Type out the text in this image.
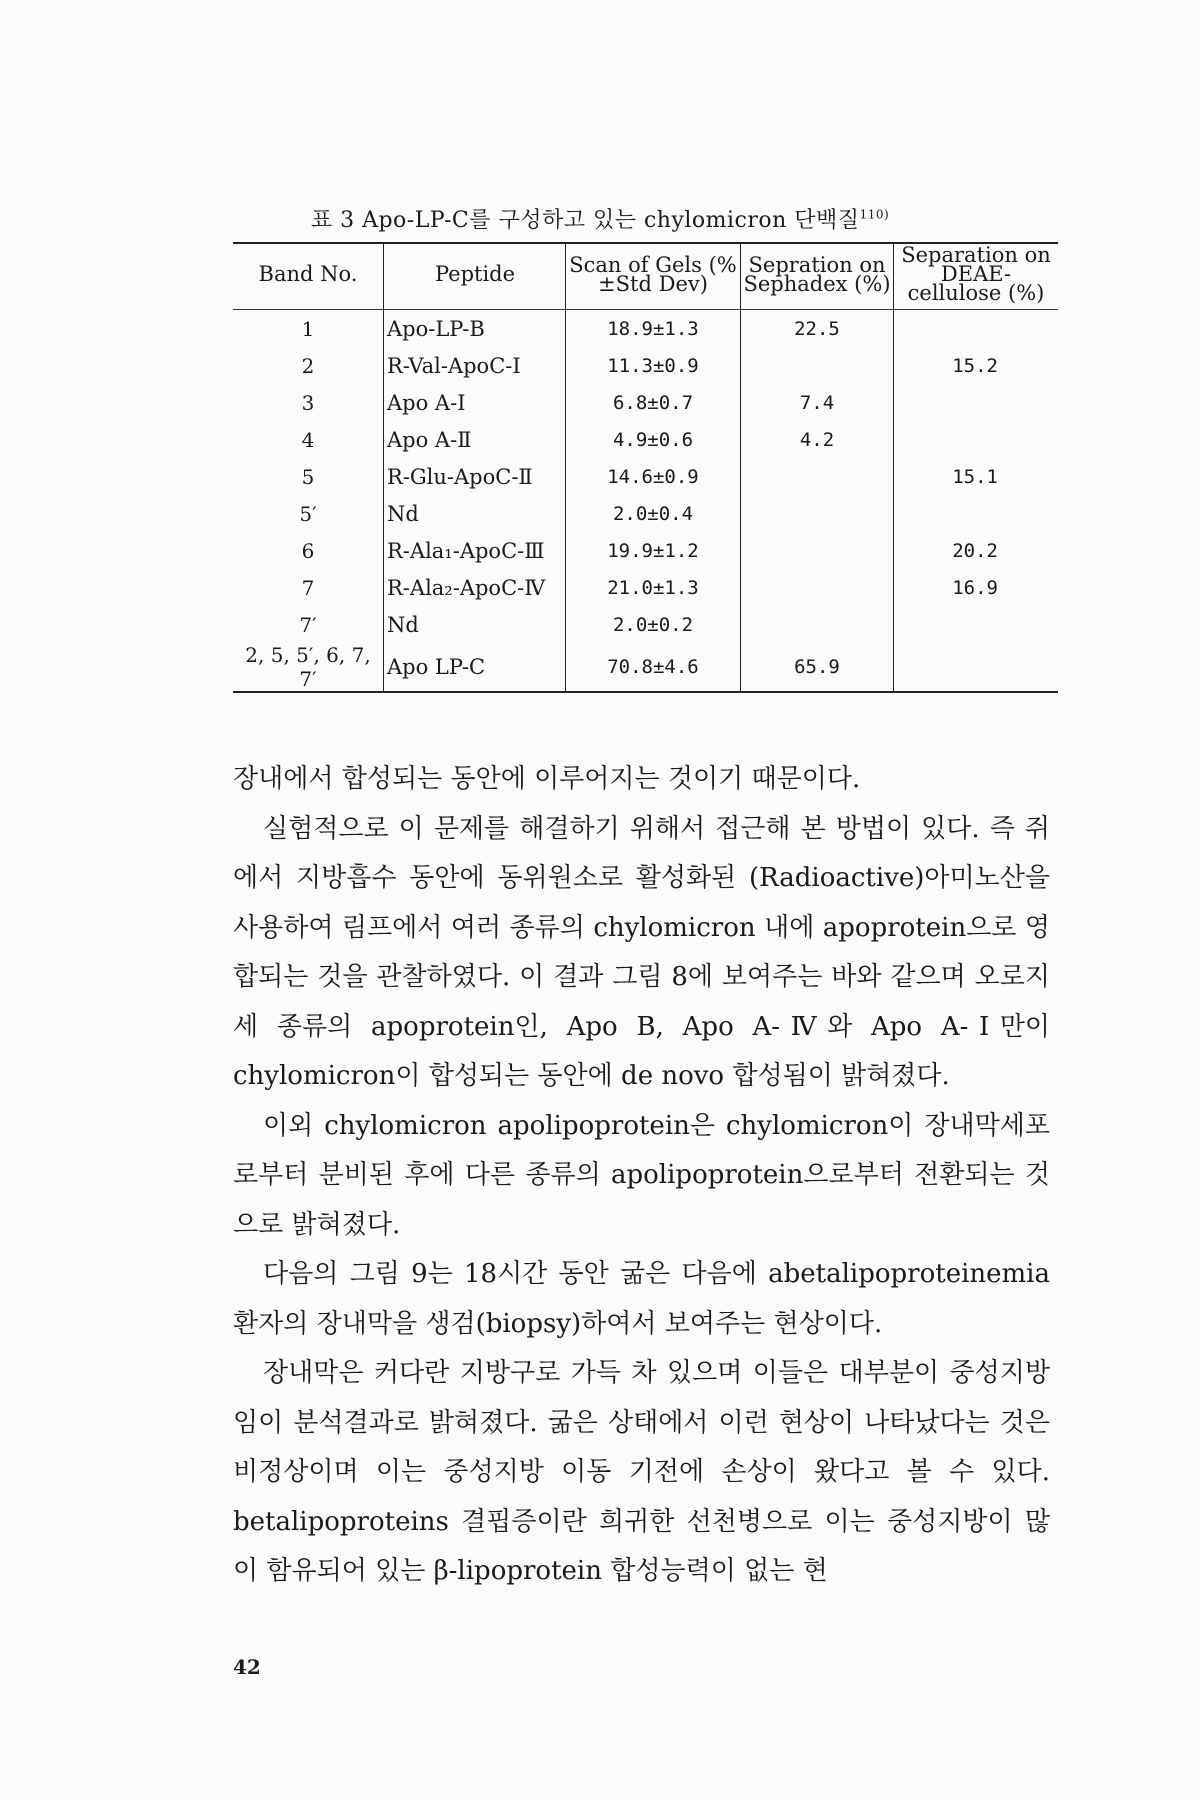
표 3 Apo-LP-C를 구성하고 있는 chylomicron 단백질$^{110)}$
Band No.	Peptide	Scan of Gels (%±Std Dev)	Sepration on Sephadex (%)	Separation on DEAE-cellulose (%)
1	Apo-LP-B	18.9±1.3	22.5	
2	R-Val-ApoC-Ⅰ	11.3±0.9		15.2
3	Apo A-Ⅰ	6.8±0.7	7.4	
4	Apo A-Ⅱ	4.9±0.6	4.2	
5	R-Glu-ApoC-Ⅱ	14.6±0.9		15.1
5′	Nd	2.0±0.4		
6	R-Ala₁-ApoC-Ⅲ	19.9±1.2		20.2
7	R-Ala₂-ApoC-Ⅳ	21.0±1.3		16.9
7′	Nd	2.0±0.2		
2, 5, 5′, 6, 7, 7′	Apo LP-C	70.8±4.6	65.9	

장내에서 합성되는 동안에 이루어지는 것이기 때문이다.

실험적으로 이 문제를 해결하기 위해서 접근해 본 방법이 있다. 즉 쥐에서 지방흡수 동안에 동위원소로 활성화된 (Radioactive)아미노산을 사용하여 림프에서 여러 종류의 chylomicron 내에 apoprotein으로 영합되는 것을 관찰하였다. 이 결과 그림 8에 보여주는 바와 같으며 오로지 세 종류의 apoprotein인, Apo B, Apo A-Ⅳ와 Apo A-Ⅰ만이 chylomicron이 합성되는 동안에 de novo 합성됨이 밝혀졌다.

이외 chylomicron apolipoprotein은 chylomicron이 장내막세포로부터 분비된 후에 다른 종류의 apolipoprotein으로부터 전환되는 것으로 밝혀졌다.

다음의 그림 9는 18시간 동안 굶은 다음에 abetalipoproteinemia 환자의 장내막을 생검(biopsy)하여서 보여주는 현상이다.

장내막은 커다란 지방구로 가득 차 있으며 이들은 대부분이 중성지방임이 분석결과로 밝혀졌다. 굶은 상태에서 이런 현상이 나타났다는 것은 비정상이며 이는 중성지방 이동 기전에 손상이 왔다고 볼 수 있다. betalipoproteins 결핍증이란 희귀한 선천병으로 이는 중성지방이 많이 함유되어 있는 β-lipoprotein 합성능력이 없는 현

42
